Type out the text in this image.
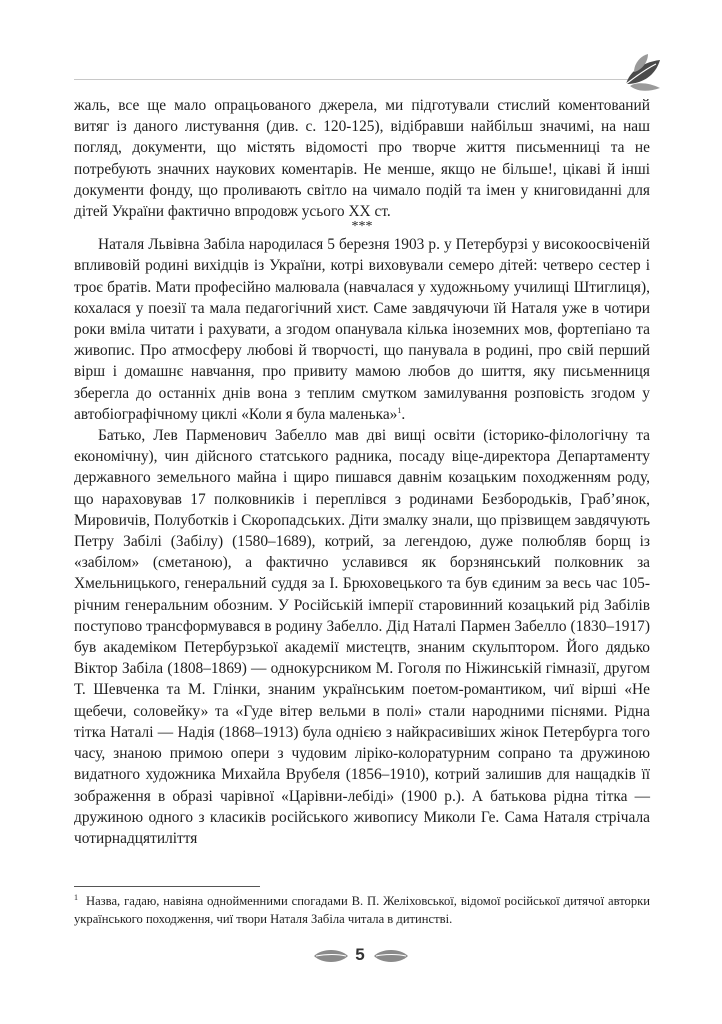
жаль, все ще мало опрацьованого джерела, ми підготували стислий коментований витяг із даного листування (див. с. 120-125), відібравши найбільш значимі, на наш погляд, документи, що містять відомості про творче життя письменниці та не потребують значних наукових коментарів. Не менше, якщо не більше!, цікаві й інші документи фонду, що проливають світло на чимало подій та імен у книговиданні для дітей України фактично впродовж усього XX ст.

***

Наталя Львівна Забіла народилася 5 березня 1903 р. у Петербурзі у високоосвіченій впливовій родині вихідців із України, котрі виховували семеро дітей: четверо сестер і троє братів. Мати професійно малювала (навчалася у художньому училищі Штиглиця), кохалася у поезії та мала педагогічний хист. Саме завдячуючи їй Наталя уже в чотири роки вміла читати і рахувати, а згодом опанувала кілька іноземних мов, фортепіано та живопис. Про атмосферу любові й творчості, що панувала в родині, про свій перший вірш і домашнє навчання, про привиту мамою любов до шиття, яку письменниця зберегла до останніх днів вона з теплим смутком замилування розповість згодом у автобіографічному циклі «Коли я була маленька»$^1$.

Батько, Лев Парменович Забелло мав дві вищі освіти (історико-філологічну та економічну), чин дійсного статського радника, посаду віце-директора Департаменту державного земельного майна і щиро пишався давнім козацьким походженням роду, що нараховував 17 полковників і переплівся з родинами Безбородьків, Граб’янок, Мировичів, Полуботків і Скоропадських. Діти змалку знали, що прізвищем завдячують Петру Забілі (Забілу) (1580–1689), котрий, за легендою, дуже полюбляв борщ із «забілом» (сметаною), а фактично уславився як борзнянський полковник за Хмельницького, генеральний суддя за І. Брюховецького та був єдиним за весь час 105-річним генеральним обозним. У Російській імперії старовинний козацький рід Забілів поступово трансформувався в родину Забелло. Дід Наталі Пармен Забелло (1830–1917) був академіком Петербурзької академії мистецтв, знаним скульптором. Його дядько Віктор Забіла (1808–1869) — однокурсником М. Гоголя по Ніжинській гімназії, другом Т. Шевченка та М. Глінки, знаним українським поетом-романтиком, чиї вірші «Не щебечи, соловейку» та «Гуде вітер вельми в полі» стали народними піснями. Рідна тітка Наталі — Надія (1868–1913) була однією з найкрасивіших жінок Петербурга того часу, знаною примою опери з чудовим ліріко-колоратурним сопрано та дружиною видатного художника Михайла Врубеля (1856–1910), котрий залишив для нащадків її зображення в образі чарівної «Царівни-лебіді» (1900 р.). А батькова рідна тітка — дружиною одного з класиків російського живопису Миколи Ге. Сама Наталя стрічала чотирнадцятиліття

$^1$ Назва, гадаю, навіяна однойменними спогадами В. П. Желіховської, відомої російської дитячої авторки українського походження, чиї твори Наталя Забіла читала в дитинстві.
5
